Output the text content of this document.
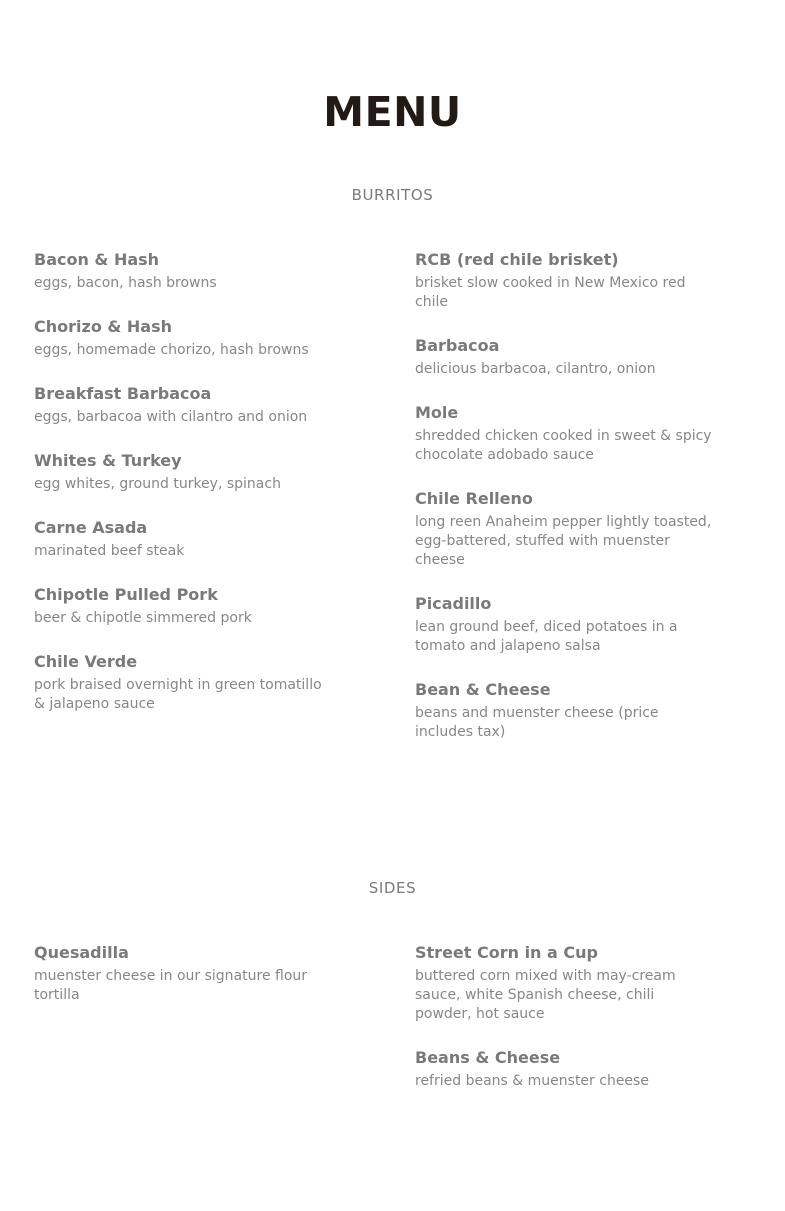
MENU
BURRITOS
Bacon & Hash
eggs, bacon, hash browns
Chorizo & Hash
eggs, homemade chorizo, hash browns
Breakfast Barbacoa
eggs, barbacoa with cilantro and onion
Whites & Turkey
egg whites, ground turkey, spinach
Carne Asada
marinated beef steak
Chipotle Pulled Pork
beer & chipotle simmered pork
Chile Verde
pork braised overnight in green tomatillo & jalapeno sauce
RCB (red chile brisket)
brisket slow cooked in New Mexico red chile
Barbacoa
delicious barbacoa, cilantro, onion
Mole
shredded chicken cooked in sweet & spicy chocolate adobado sauce
Chile Relleno
long reen Anaheim pepper lightly toasted, egg-battered, stuffed with muenster cheese
Picadillo
lean ground beef, diced potatoes in a tomato and jalapeno salsa
Bean & Cheese
beans and muenster cheese (price includes tax)
SIDES
Quesadilla
muenster cheese in our signature flour tortilla
Street Corn in a Cup
buttered corn mixed with may-cream sauce, white Spanish cheese, chili powder, hot sauce
Beans & Cheese
refried beans & muenster cheese
